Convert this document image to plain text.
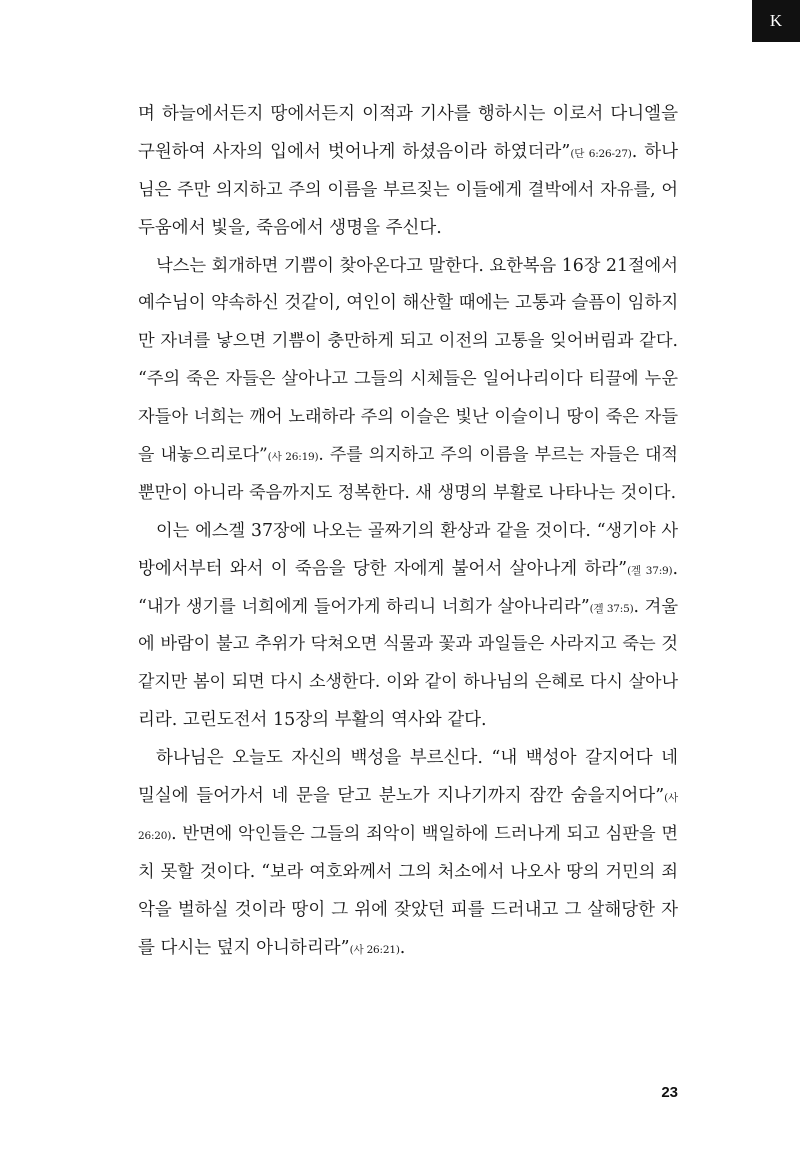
K
며 하늘에서든지 땅에서든지 이적과 기사를 행하시는 이로서 다니엘을
구원하여 사자의 입에서 벗어나게 하셨음이라 하였더라”(단 6:26-27). 하나
님은 주만 의지하고 주의 이름을 부르짖는 이들에게 결박에서 자유를, 어
두움에서 빛을, 죽음에서 생명을 주신다.
낙스는 회개하면 기쁨이 찾아온다고 말한다. 요한복음 16장 21절에서
예수님이 약속하신 것같이, 여인이 해산할 때에는 고통과 슬픔이 임하지
만 자녀를 낳으면 기쁨이 충만하게 되고 이전의 고통을 잊어버림과 같다.
“주의 죽은 자들은 살아나고 그들의 시체들은 일어나리이다 티끌에 누운
자들아 너희는 깨어 노래하라 주의 이슬은 빛난 이슬이니 땅이 죽은 자들
을 내놓으리로다”(사 26:19). 주를 의지하고 주의 이름을 부르는 자들은 대적
뿐만이 아니라 죽음까지도 정복한다. 새 생명의 부활로 나타나는 것이다.
이는 에스겔 37장에 나오는 골짜기의 환상과 같을 것이다. “생기야 사
방에서부터 와서 이 죽음을 당한 자에게 불어서 살아나게 하라”(겔 37:9).
“내가 생기를 너희에게 들어가게 하리니 너희가 살아나리라”(겔 37:5). 겨울
에 바람이 불고 추위가 닥쳐오면 식물과 꽃과 과일들은 사라지고 죽는 것
같지만 봄이 되면 다시 소생한다. 이와 같이 하나님의 은혜로 다시 살아나
리라. 고린도전서 15장의 부활의 역사와 같다.
하나님은 오늘도 자신의 백성을 부르신다. “내 백성아 갈지어다 네
밀실에 들어가서 네 문을 닫고 분노가 지나기까지 잠깐 숨을지어다”(사
26:20). 반면에 악인들은 그들의 죄악이 백일하에 드러나게 되고 심판을 면
치 못할 것이다. “보라 여호와께서 그의 처소에서 나오사 땅의 거민의 죄
악을 벌하실 것이라 땅이 그 위에 잦았던 피를 드러내고 그 살해당한 자
를 다시는 덮지 아니하리라”(사 26:21).
23
